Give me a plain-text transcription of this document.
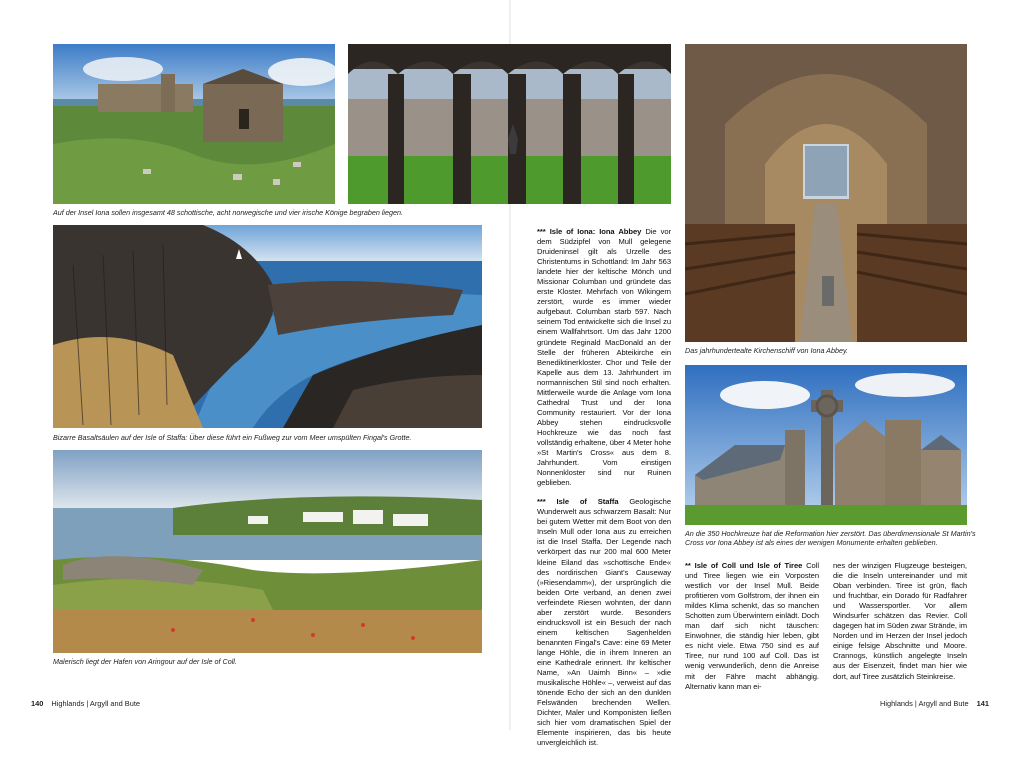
Auf der Insel Iona sollen insgesamt 48 schottische, acht norwegische und vier irische Könige begraben liegen.
Bizarre Basaltsäulen auf der Isle of Staffa: Über diese führt ein Fußweg zur vom Meer umspülten Fingal's Grotte.
Malerisch liegt der Hafen von Aringour auf der Isle of Coll.
Das jahrhundertealte Kirchenschiff von Iona Abbey.
An die 350 Hochkreuze hat die Reformation hier zerstört. Das überdimensionale St Martin's
Cross vor Iona Abbey ist als eines der wenigen Monumente erhalten geblieben.

*** Isle of Iona: Iona Abbey Die vor dem Südzipfel von Mull gelegene Druideninsel gilt als Urzelle des Christentums in Schottland: Im Jahr 563 landete hier der keltische Mönch und Missionar Columban und gründete das erste Kloster. Mehrfach von Wikingern zerstört, wurde es immer wieder aufgebaut. Columban starb 597. Nach seinem Tod entwickelte sich die Insel zu einem Wallfahrtsort. Um das Jahr 1200 gründete Reginald MacDonald an der Stelle der früheren Abteikirche ein Benediktinerkloster. Chor und Teile der Kapelle aus dem 13. Jahrhundert im normannischen Stil sind noch erhalten. Mittlerweile wurde die Anlage vom Iona Cathedral Trust und der Iona Community restauriert. Vor der Iona Abbey stehen eindrucksvolle Hochkreuze wie das noch fast vollständig erhaltene, über 4 Meter hohe »St Martin's Cross« aus dem 8. Jahrhundert. Vom einstigen Nonnenkloster sind nur Ruinen geblieben.

*** Isle of Staffa Geologische Wunderwelt aus schwarzem Basalt: Nur bei gutem Wetter mit dem Boot von den Inseln Mull oder Iona aus zu erreichen ist die Insel Staffa. Der Legende nach verkörpert das nur 200 mal 600 Meter kleine Eiland das »schottische Ende« des nordirischen Giant's Causeway (»Riesendamm«), der ursprünglich die beiden Orte verband, an denen zwei verfeindete Riesen wohnten, der dann aber zerstört wurde. Besonders eindrucksvoll ist ein Besuch der nach einem keltischen Sagenhelden benannten Fingal's Cave: eine 69 Meter lange Höhle, die in ihrem Inneren an eine Kathedrale erinnert. Ihr keltischer Name, »An Uaimh Binn« – »die musikalische Höhle« –, verweist auf das tönende Echo der sich an den dunklen Felswänden brechenden Wellen. Dichter, Maler und Komponisten ließen sich hier vom dramatischen Spiel der Elemente inspirieren, das bis heute unvergleichlich ist.

** Isle of Coll und Isle of Tiree Coll und Tiree liegen wie ein Vorposten westlich vor der Insel Mull. Beide profitieren vom Golfstrom, der ihnen ein mildes Klima schenkt, das so manchen Schotten zum Überwintern einlädt. Doch man darf sich nicht täuschen: Einwohner, die ständig hier leben, gibt es nicht viele. Etwa 750 sind es auf Tiree, nur rund 100 auf Coll. Das ist wenig verwunderlich, denn die Anreise mit der Fähre macht abhängig. Alternativ kann man ei-

nes der winzigen Flugzeuge besteigen, die die Inseln untereinander und mit Oban verbinden. Tiree ist grün, flach und fruchtbar, ein Dorado für Radfahrer und Wassersportler. Vor allem Windsurfer schätzen das Revier. Coll dagegen hat im Süden zwar Strände, im Norden und im Herzen der Insel jedoch einige felsige Abschnitte und Moore. Crannogs, künstlich angelegte Inseln aus der Eisenzeit, findet man hier wie dort, auf Tiree zusätzlich Steinkreise.

140 Highlands | Argyll and Bute	Highlands | Argyll and Bute 141
